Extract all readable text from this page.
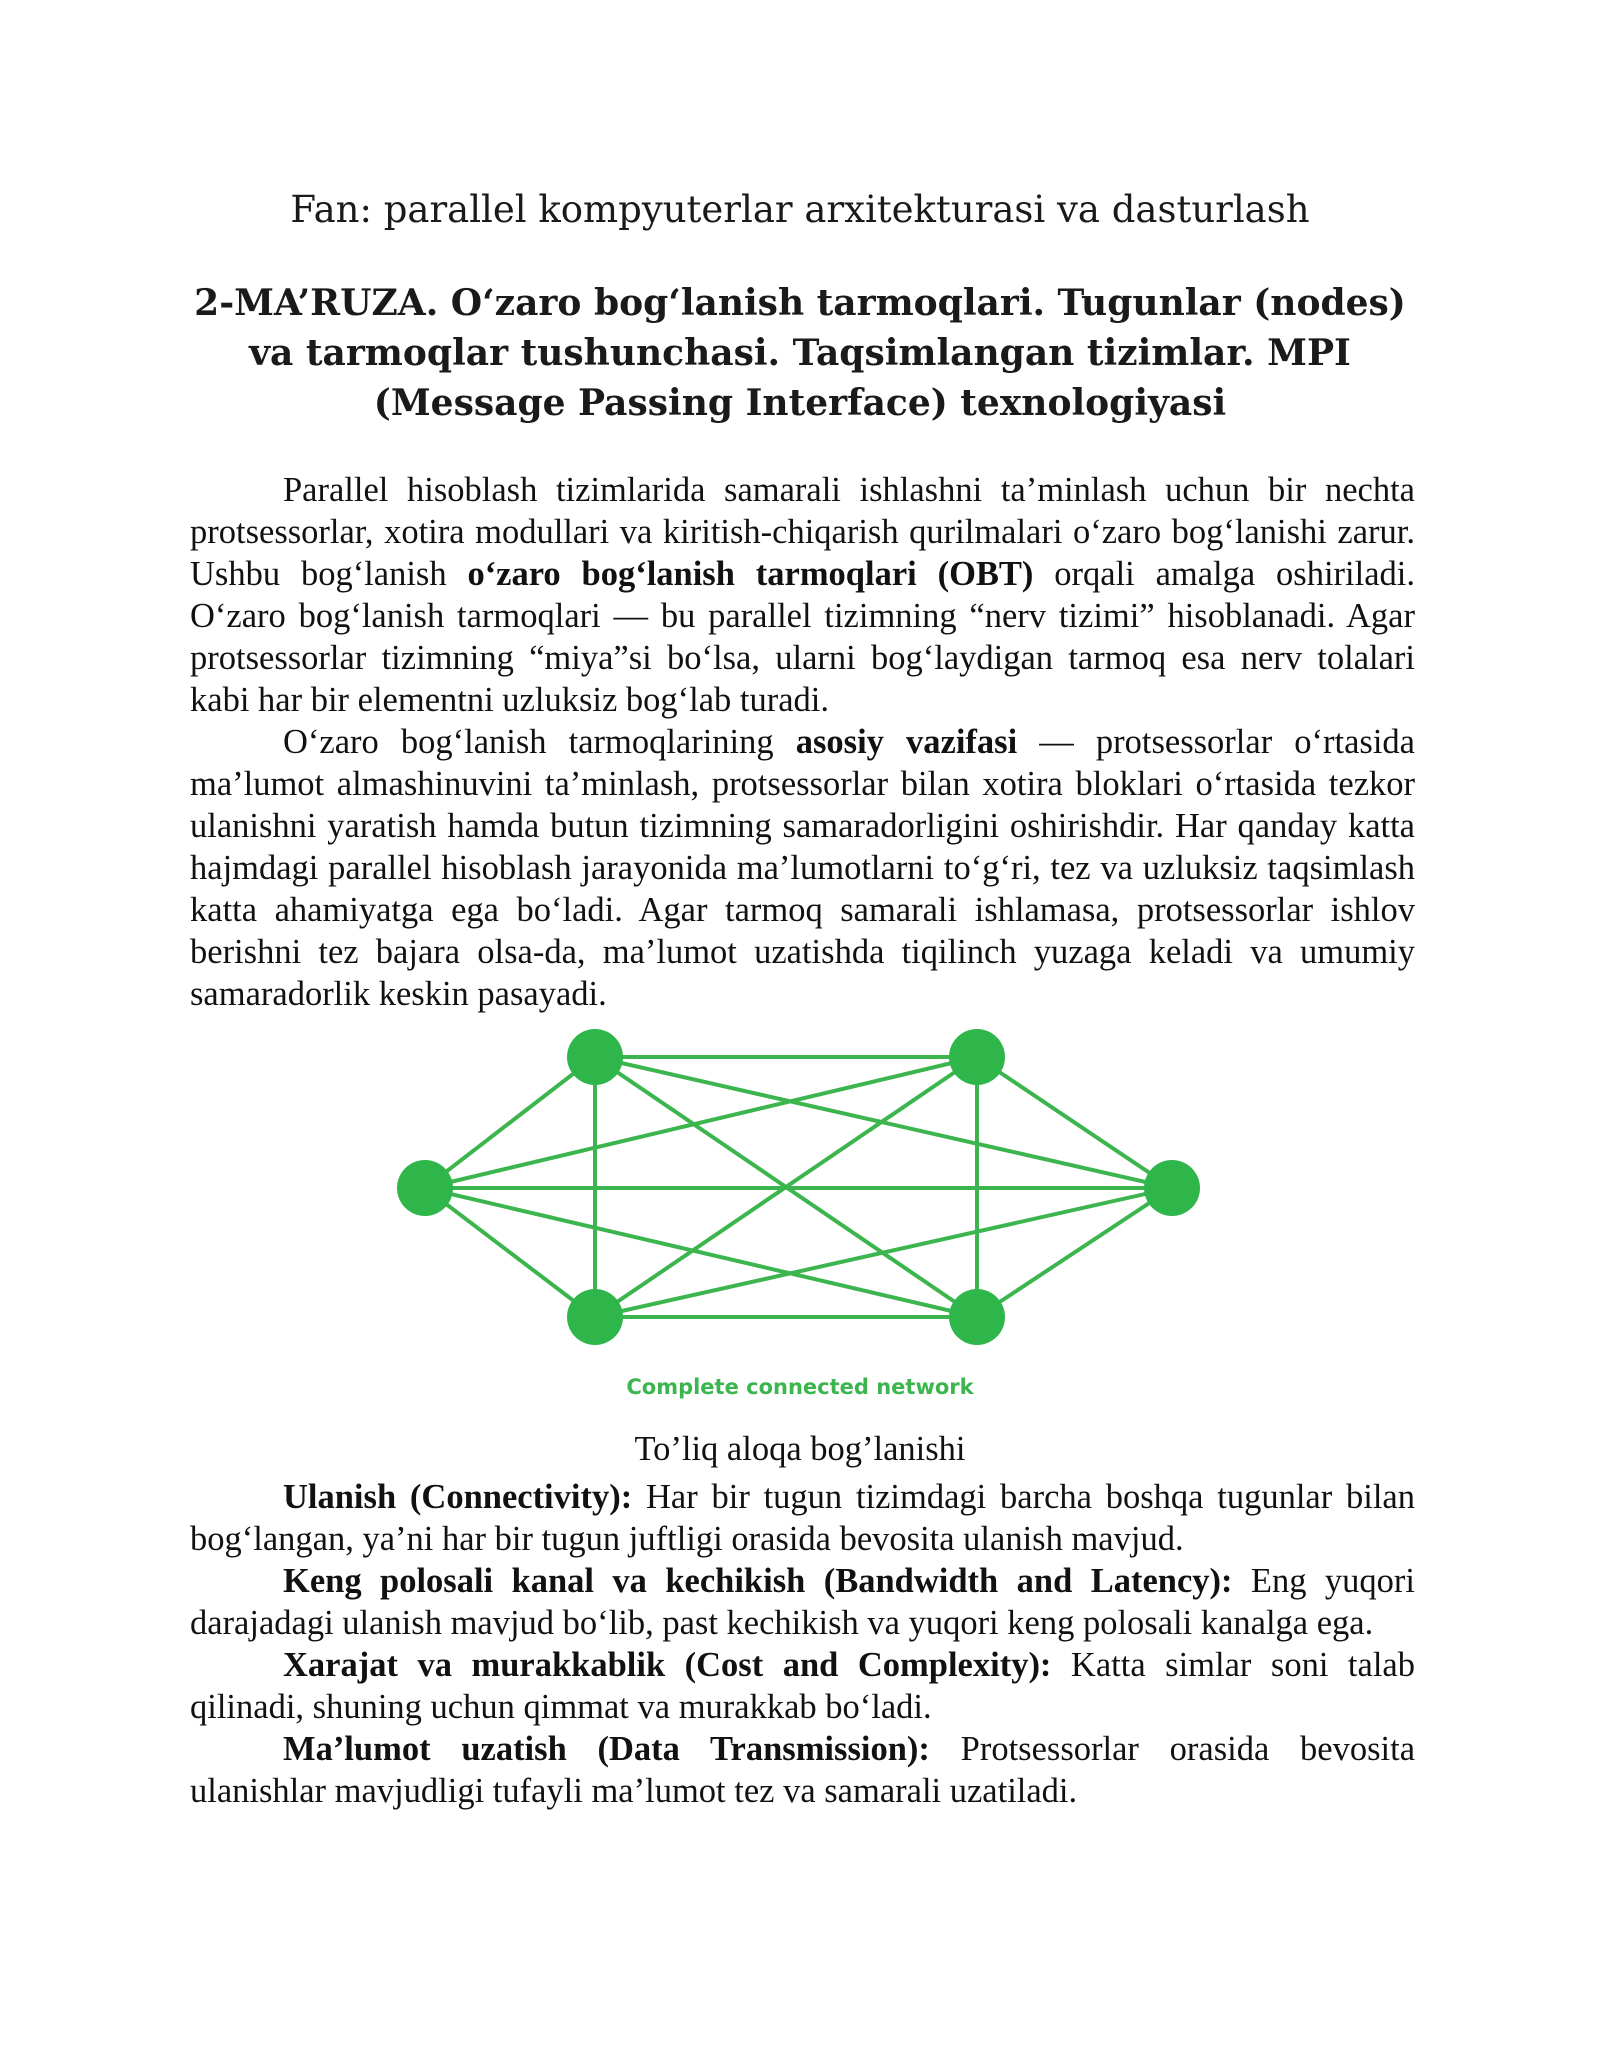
Fan: parallel kompyuterlar arxitekturasi va dasturlash
2-MA’RUZA. O‘zaro bog‘lanish tarmoqlari. Tugunlar (nodes) va tarmoqlar tushunchasi. Taqsimlangan tizimlar. MPI (Message Passing Interface) texnologiyasi

Parallel hisoblash tizimlarida samarali ishlashni ta’minlash uchun bir nechta protsessorlar, xotira modullari va kiritish-chiqarish qurilmalari o‘zaro bog‘lanishi zarur. Ushbu bog‘lanish o‘zaro bog‘lanish tarmoqlari (OBT) orqali amalga oshiriladi. O‘zaro bog‘lanish tarmoqlari — bu parallel tizimning “nerv tizimi” hisoblanadi. Agar protsessorlar tizimning “miya”si bo‘lsa, ularni bog‘laydigan tarmoq esa nerv tolalari kabi har bir elementni uzluksiz bog‘lab turadi.

O‘zaro bog‘lanish tarmoqlarining asosiy vazifasi — protsessorlar o‘rtasida ma’lumot almashinuvini ta’minlash, protsessorlar bilan xotira bloklari o‘rtasida tezkor ulanishni yaratish hamda butun tizimning samaradorligini oshirishdir. Har qanday katta hajmdagi parallel hisoblash jarayonida ma’lumotlarni to‘g‘ri, tez va uzluksiz taqsimlash katta ahamiyatga ega bo‘ladi. Agar tarmoq samarali ishlamasa, protsessorlar ishlov berishni tez bajara olsa-da, ma’lumot uzatishda tiqilinch yuzaga keladi va umumiy samaradorlik keskin pasayadi.

Complete connected network
To’liq aloqa bog’lanishi

Ulanish (Connectivity): Har bir tugun tizimdagi barcha boshqa tugunlar bilan bog‘langan, ya’ni har bir tugun juftligi orasida bevosita ulanish mavjud.

Keng polosali kanal va kechikish (Bandwidth and Latency): Eng yuqori darajadagi ulanish mavjud bo‘lib, past kechikish va yuqori keng polosali kanalga ega.

Xarajat va murakkablik (Cost and Complexity): Katta simlar soni talab qilinadi, shuning uchun qimmat va murakkab bo‘ladi.

Ma’lumot uzatish (Data Transmission): Protsessorlar orasida bevosita ulanishlar mavjudligi tufayli ma’lumot tez va samarali uzatiladi.
